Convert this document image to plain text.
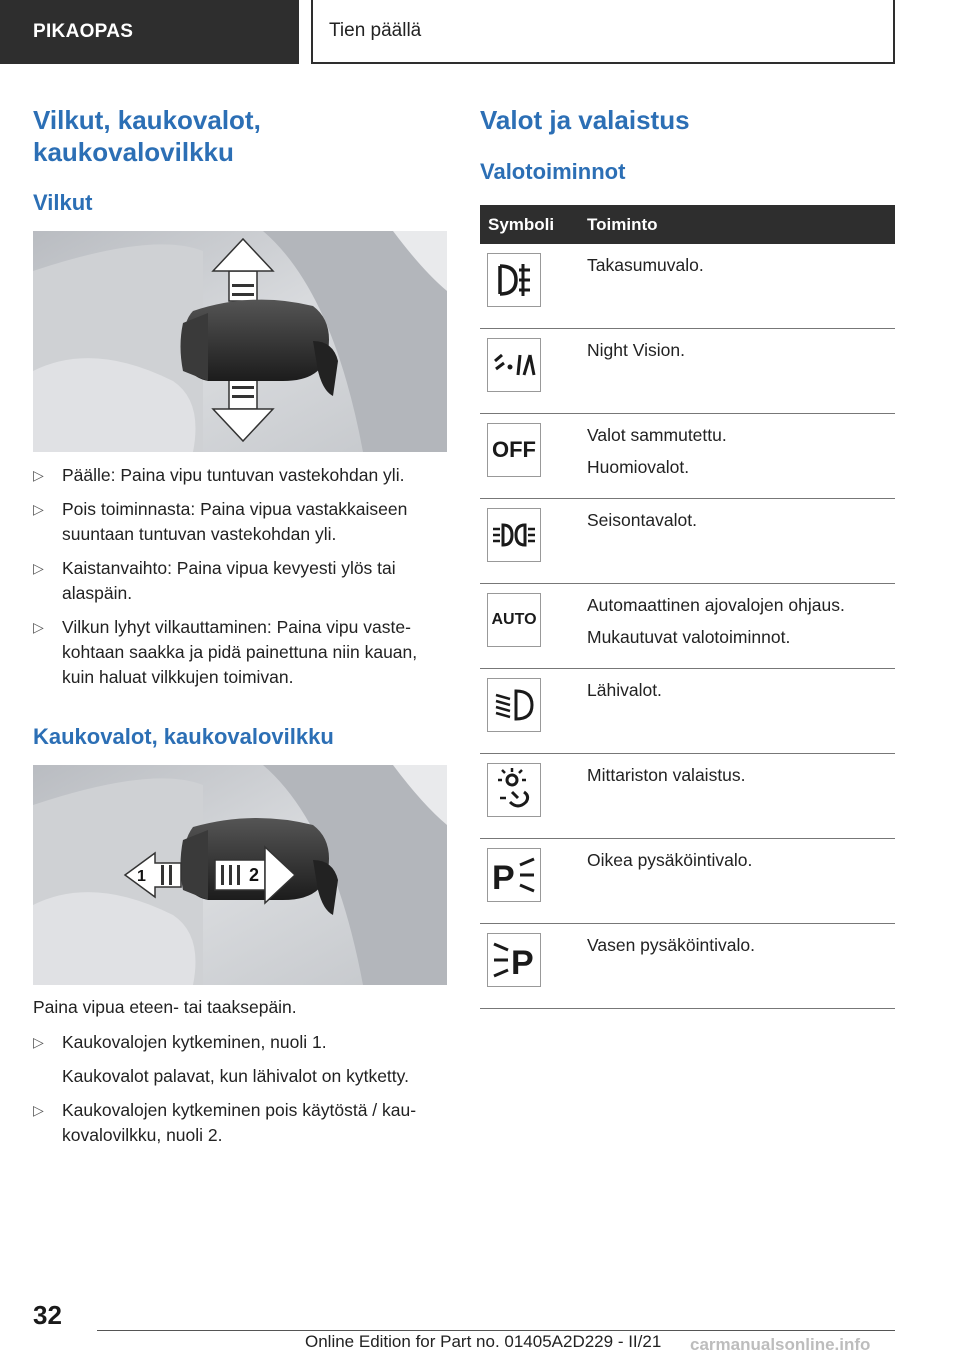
PIKAOPAS	Tien päällä
Vilkut, kaukovalot,
kaukovalovilkku
Vilkut
▷ Päälle: Paina vipu tuntuvan vastekohdan yli.
▷ Pois toiminnasta: Paina vipua vastakkaiseen suuntaan tuntuvan vastekohdan yli.
▷ Kaistanvaihto: Paina vipua kevyesti ylös tai alaspäin.
▷ Vilkun lyhyt vilkauttaminen: Paina vipu vastekohtaan saakka ja pidä painettuna niin kauan, kuin haluat vilkkujen toimivan.
Kaukovalot, kaukovalovilkku
1	2

Paina vipua eteen- tai taaksepäin.

▷ Kaukovalojen kytkeminen, nuoli 1.
Kaukovalot palavat, kun lähivalot on kytketty.
▷ Kaukovalojen kytkeminen pois käytöstä / kaukovalovilkku, nuoli 2.
Valot ja valaistus
Valotoiminnot
Symboli	Toiminto

Takasumuvalo.

Night Vision.

OFF	Valot sammutettu.
Huomiovalot.

Seisontavalot.

AUTO	Automaattinen ajovalojen ohjaus.
Mukautuvat valotoiminnot.

Lähivalot.

Mittariston valaistus.

P	Oikea pysäköintivalo.

P	Vasen pysäköintivalo.
32
Online Edition for Part no. 01405A2D229 - II/21 carmanualsonline.info
